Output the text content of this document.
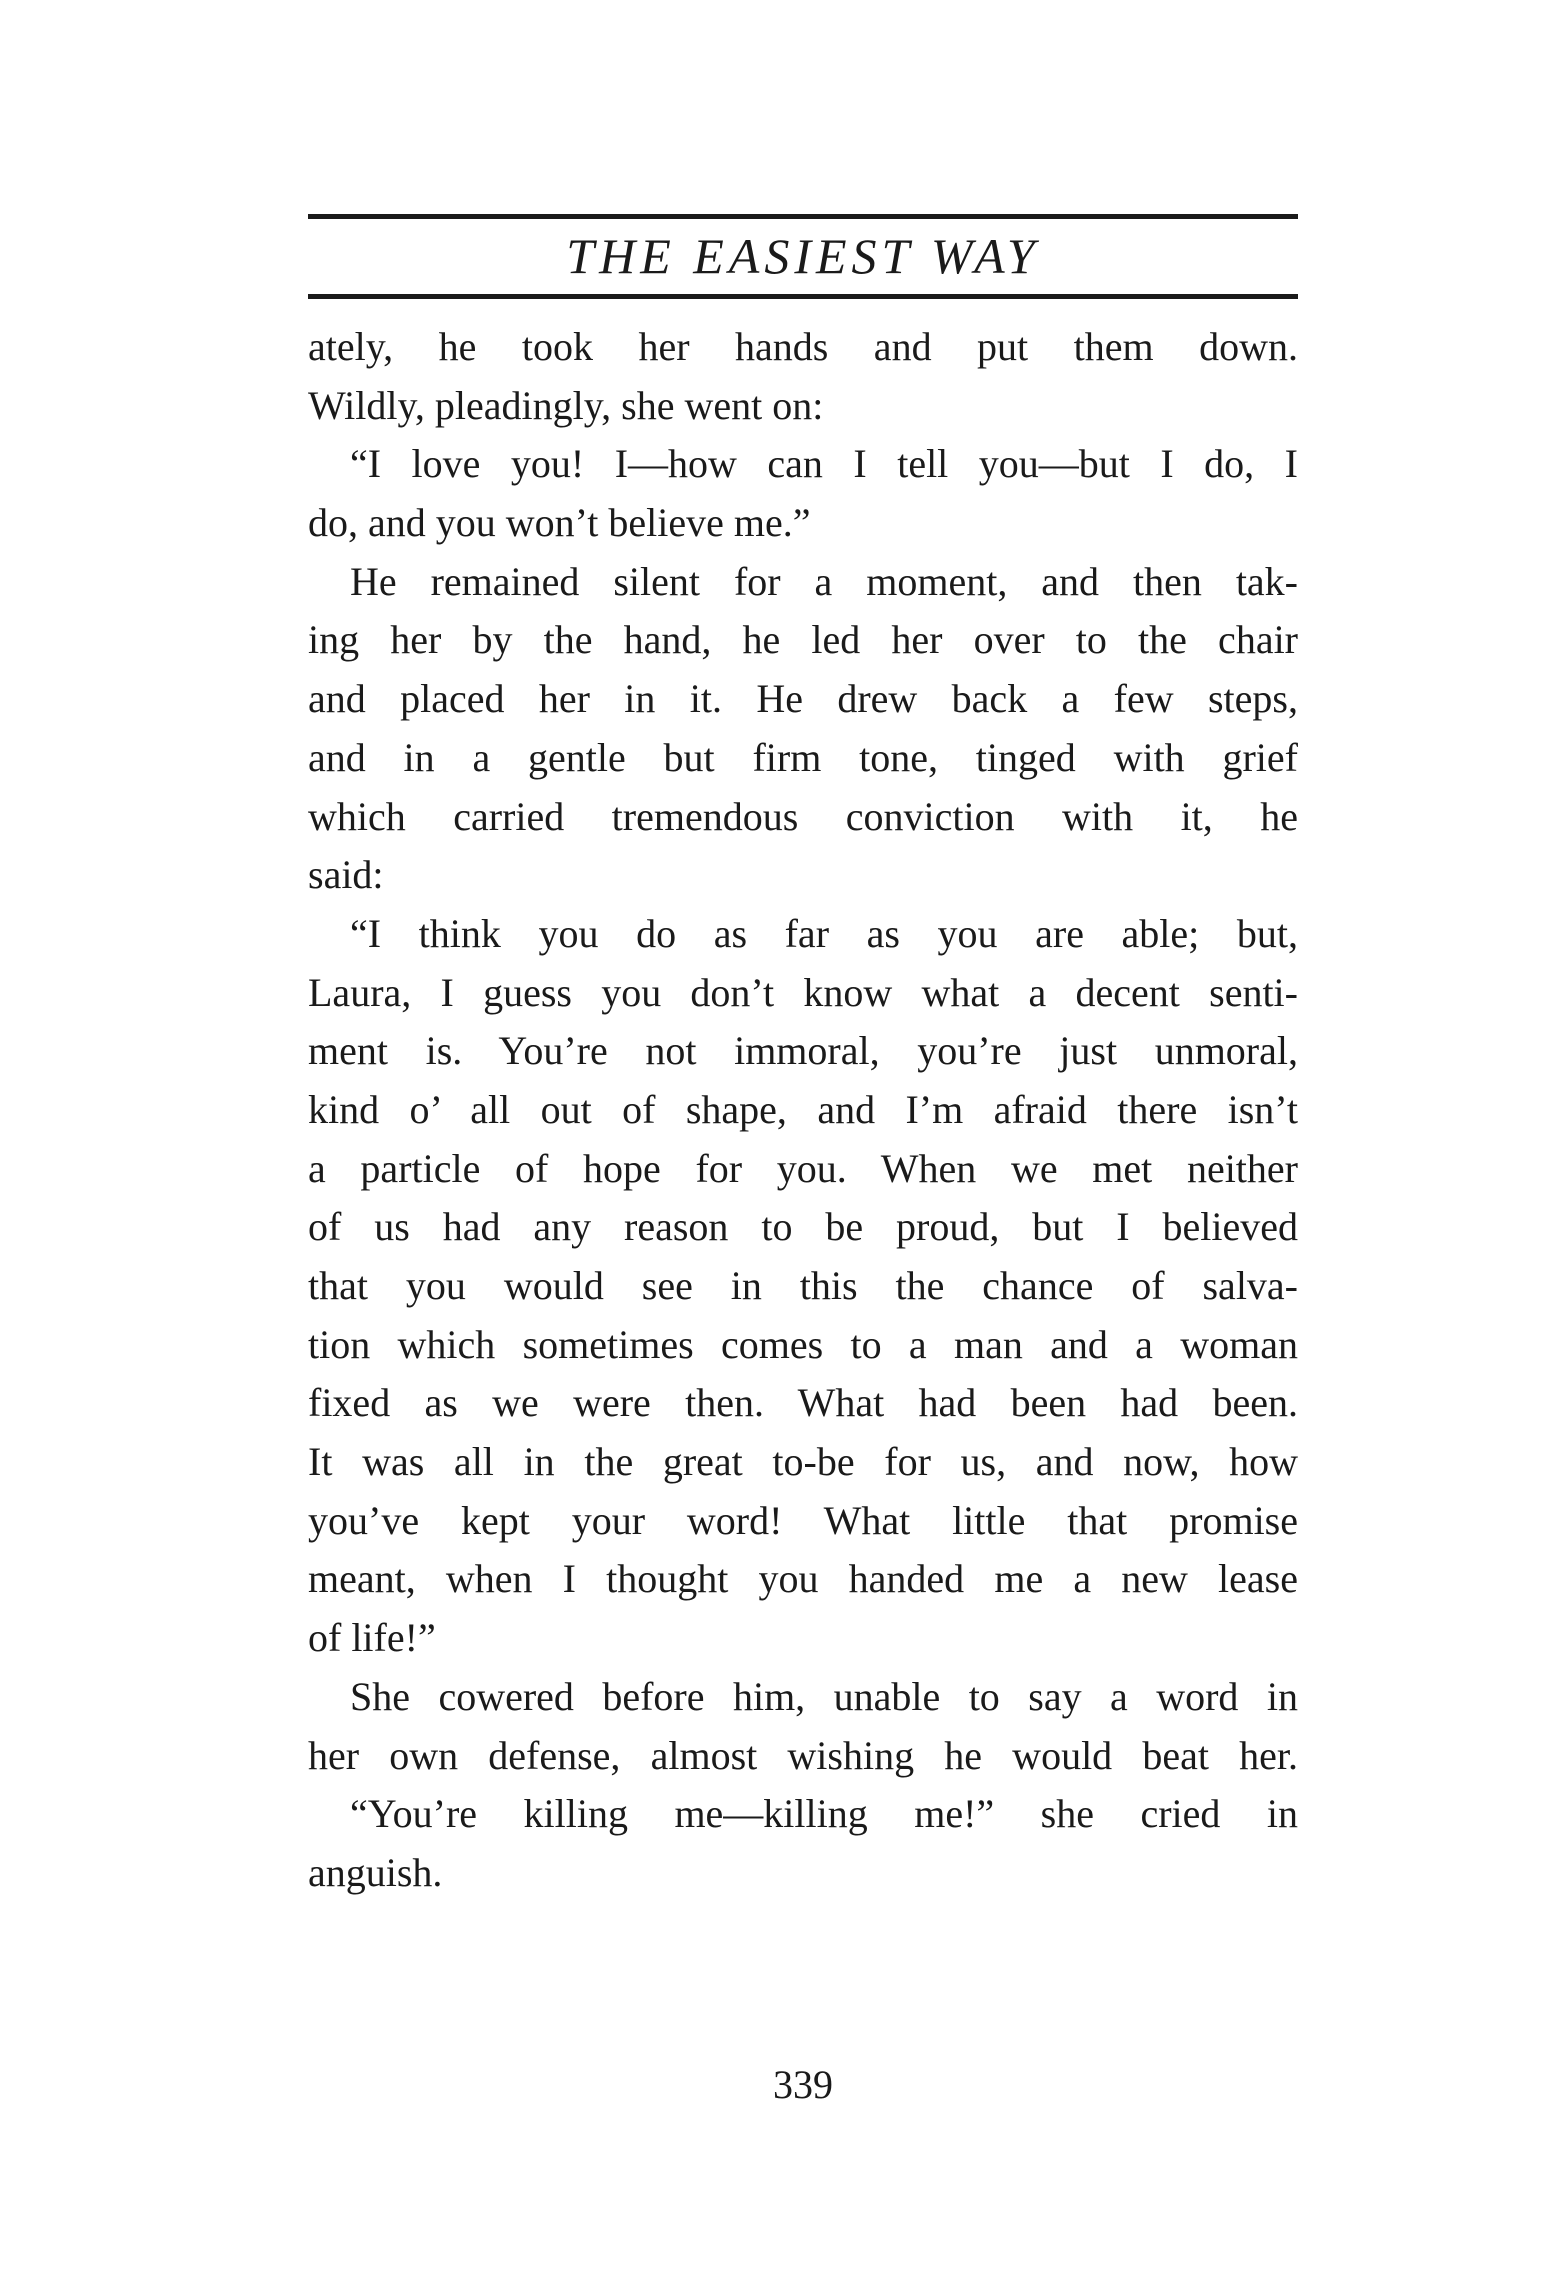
THE EASIEST WAY
ately, he took her hands and put them down.
Wildly, pleadingly, she went on:
“I love you! I—how can I tell you—but I do, I
do, and you won’t believe me.”
He remained silent for a moment, and then tak-
ing her by the hand, he led her over to the chair
and placed her in it. He drew back a few steps,
and in a gentle but firm tone, tinged with grief
which carried tremendous conviction with it, he
said:
“I think you do as far as you are able; but,
Laura, I guess you don’t know what a decent senti-
ment is. You’re not immoral, you’re just unmoral,
kind o’ all out of shape, and I’m afraid there isn’t
a particle of hope for you. When we met neither
of us had any reason to be proud, but I believed
that you would see in this the chance of salva-
tion which sometimes comes to a man and a woman
fixed as we were then. What had been had been.
It was all in the great to-be for us, and now, how
you’ve kept your word! What little that promise
meant, when I thought you handed me a new lease
of life!”
She cowered before him, unable to say a word in
her own defense, almost wishing he would beat her.
“You’re killing me—killing me!” she cried in
anguish.
339
